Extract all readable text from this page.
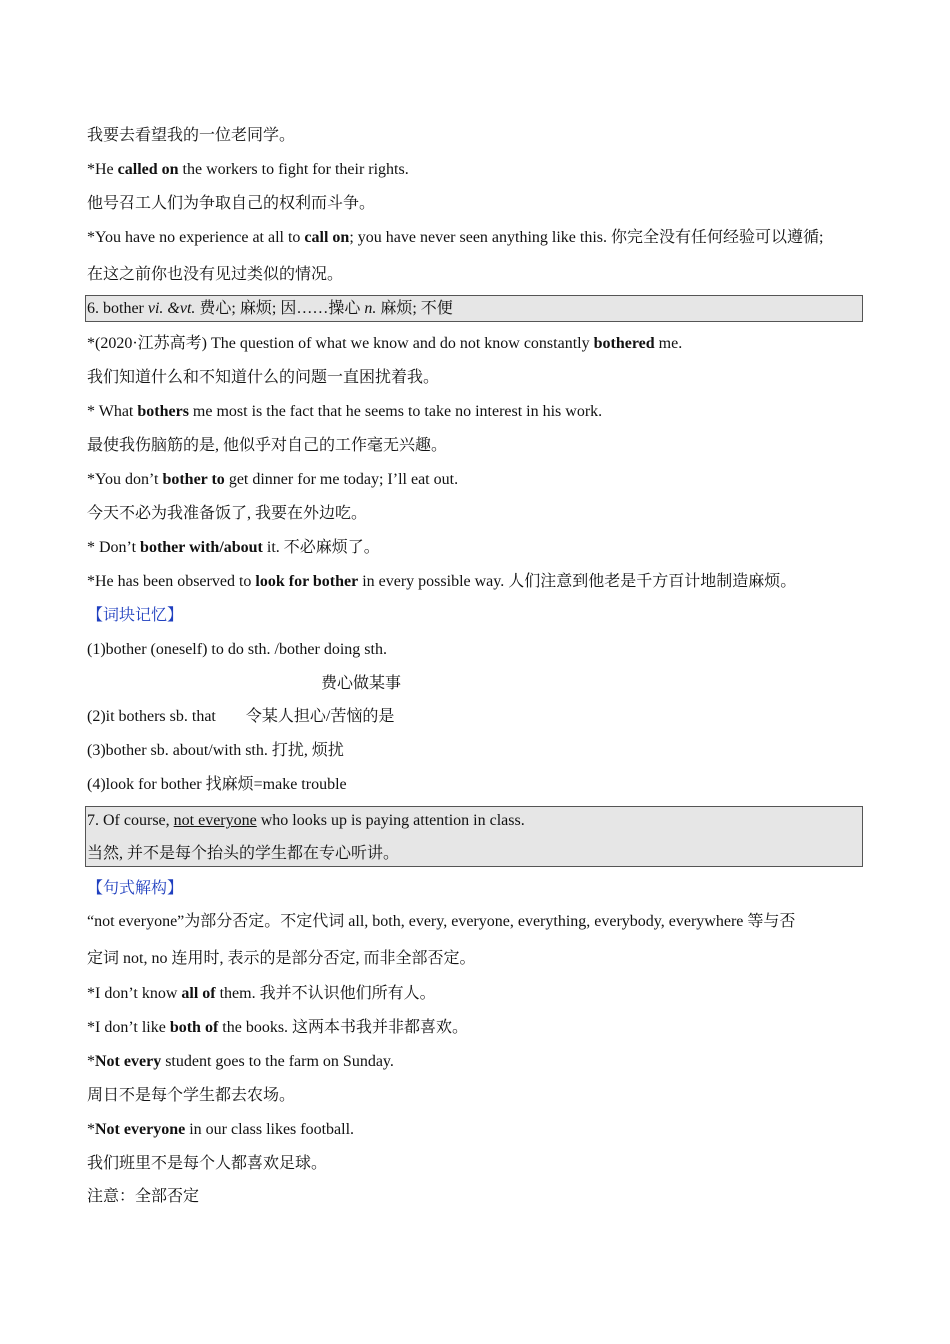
我要去看望我的一位老同学。
*He called on the workers to fight for their rights.
他号召工人们为争取自己的权利而斗争。
*You have no experience at all to call on; you have never seen anything like this. 你完全没有任何经验可以遵循;
在这之前你也没有见过类似的情况。
6. bother vi. &vt. 费心; 麻烦; 因……操心 n. 麻烦; 不便
*(2020·江苏高考) The question of what we know and do not know constantly bothered me.
我们知道什么和不知道什么的问题一直困扰着我。
* What bothers me most is the fact that he seems to take no interest in his work.
最使我伤脑筋的是, 他似乎对自己的工作毫无兴趣。
*You don’t bother to get dinner for me today; I’ll eat out.
今天不必为我准备饭了, 我要在外边吃。
* Don’t bother with/about it. 不必麻烦了。
*He has been observed to look for bother in every possible way. 人们注意到他老是千方百计地制造麻烦。
【词块记忆】
(1)bother (oneself) to do sth. /bother doing sth.
费心做某事
(2)it bothers sb. that 令某人担心/苦恼的是
(3)bother sb. about/with sth. 打扰, 烦扰
(4)look for bother 找麻烦=make trouble
7. Of course, not everyone who looks up is paying attention in class.
当然, 并不是每个抬头的学生都在专心听讲。
【句式解构】
“not everyone”为部分否定。不定代词 all, both, every, everyone, everything, everybody, everywhere 等与否
定词 not, no 连用时, 表示的是部分否定, 而非全部否定。
*I don’t know all of them. 我并不认识他们所有人。
*I don’t like both of the books. 这两本书我并非都喜欢。
*Not every student goes to the farm on Sunday.
周日不是每个学生都去农场。
*Not everyone in our class likes football.
我们班里不是每个人都喜欢足球。
注意：全部否定
